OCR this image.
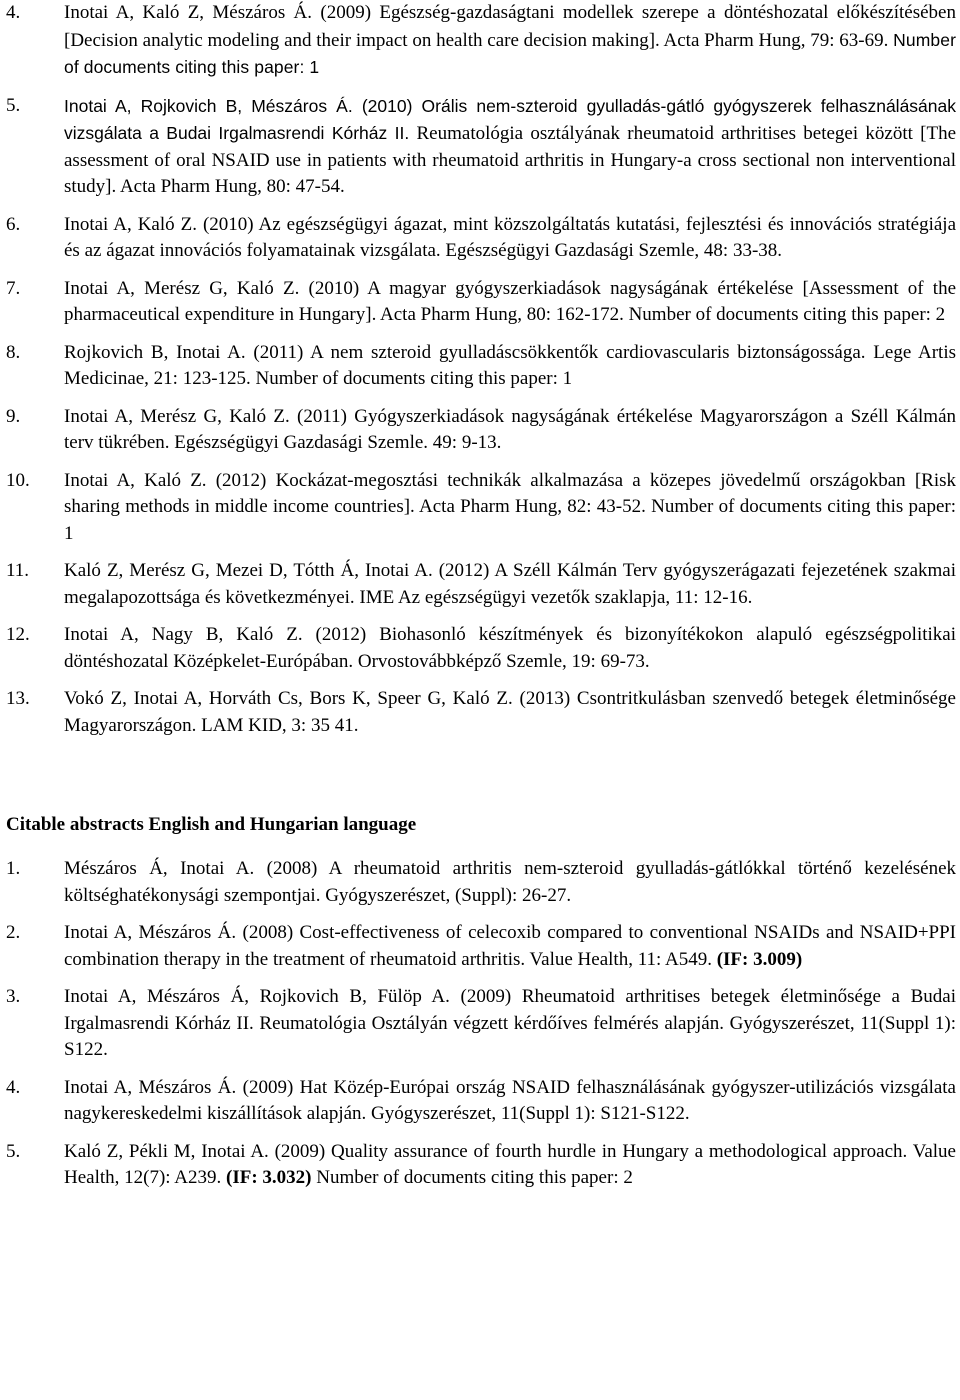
4.	Inotai A, Kaló Z, Mészáros Á. (2009) Egészség-gazdaságtani modellek szerepe a döntéshozatal előkészítésében [Decision analytic modeling and their impact on health care decision making]. Acta Pharm Hung, 79: 63-69. Number of documents citing this paper: 1
5.	Inotai A, Rojkovich B, Mészáros Á. (2010) Orális nem-szteroid gyulladás-gátló gyógyszerek felhasználásának vizsgálata a Budai Irgalmasrendi Kórház II. Reumatológia osztályának rheumatoid arthritises betegei között [The assessment of oral NSAID use in patients with rheumatoid arthritis in Hungary-a cross sectional non interventional study]. Acta Pharm Hung, 80: 47-54.
6.	Inotai A, Kaló Z. (2010) Az egészségügyi ágazat, mint közszolgáltatás kutatási, fejlesztési és innovációs stratégiája és az ágazat innovációs folyamatainak vizsgálata. Egészségügyi Gazdasági Szemle, 48: 33-38.
7.	Inotai A, Merész G, Kaló Z. (2010) A magyar gyógyszerkiadások nagyságának értékelése [Assessment of the pharmaceutical expenditure in Hungary]. Acta Pharm Hung, 80: 162-172. Number of documents citing this paper: 2
8.	Rojkovich B, Inotai A. (2011) A nem szteroid gyulladáscsökkentők cardiovascularis biztonságossága. Lege Artis Medicinae, 21: 123-125. Number of documents citing this paper: 1
9.	Inotai A, Merész G, Kaló Z. (2011) Gyógyszerkiadások nagyságának értékelése Magyarországon a Széll Kálmán terv tükrében. Egészségügyi Gazdasági Szemle. 49: 9-13.
10.	Inotai A, Kaló Z. (2012) Kockázat-megosztási technikák alkalmazása a közepes jövedelmű országokban [Risk sharing methods in middle income countries]. Acta Pharm Hung, 82: 43-52. Number of documents citing this paper: 1
11.	Kaló Z, Merész G, Mezei D, Tótth Á, Inotai A. (2012) A Széll Kálmán Terv gyógyszerágazati fejezetének szakmai megalapozottsága és következményei. IME Az egészségügyi vezetők szaklapja, 11: 12-16.
12.	Inotai A, Nagy B, Kaló Z. (2012) Biohasonló készítmények és bizonyítékokon alapuló egészségpolitikai döntéshozatal Középkelet-Európában. Orvostovábbképző Szemle, 19: 69-73.
13.	Vokó Z, Inotai A, Horváth Cs, Bors K, Speer G, Kaló Z. (2013) Csontritkulásban szenvedő betegek életminősége Magyarországon. LAM KID, 3: 35 41.
Citable abstracts English and Hungarian language
1.	Mészáros Á, Inotai A. (2008) A rheumatoid arthritis nem-szteroid gyulladás-gátlókkal történő kezelésének költséghatékonysági szempontjai. Gyógyszerészet, (Suppl): 26-27.
2.	Inotai A, Mészáros Á. (2008) Cost-effectiveness of celecoxib compared to conventional NSAIDs and NSAID+PPI combination therapy in the treatment of rheumatoid arthritis. Value Health, 11: A549. (IF: 3.009)
3.	Inotai A, Mészáros Á, Rojkovich B, Fülöp A. (2009) Rheumatoid arthritises betegek életminősége a Budai Irgalmasrendi Kórház II. Reumatológia Osztályán végzett kérdőíves felmérés alapján. Gyógyszerészet, 11(Suppl 1): S122.
4.	Inotai A, Mészáros Á. (2009) Hat Közép-Európai ország NSAID felhasználásának gyógyszer-utilizációs vizsgálata nagykereskedelmi kiszállítások alapján. Gyógyszerészet, 11(Suppl 1): S121-S122.
5.	Kaló Z, Pékli M, Inotai A. (2009) Quality assurance of fourth hurdle in Hungary a methodological approach. Value Health, 12(7): A239. (IF: 3.032) Number of documents citing this paper: 2
